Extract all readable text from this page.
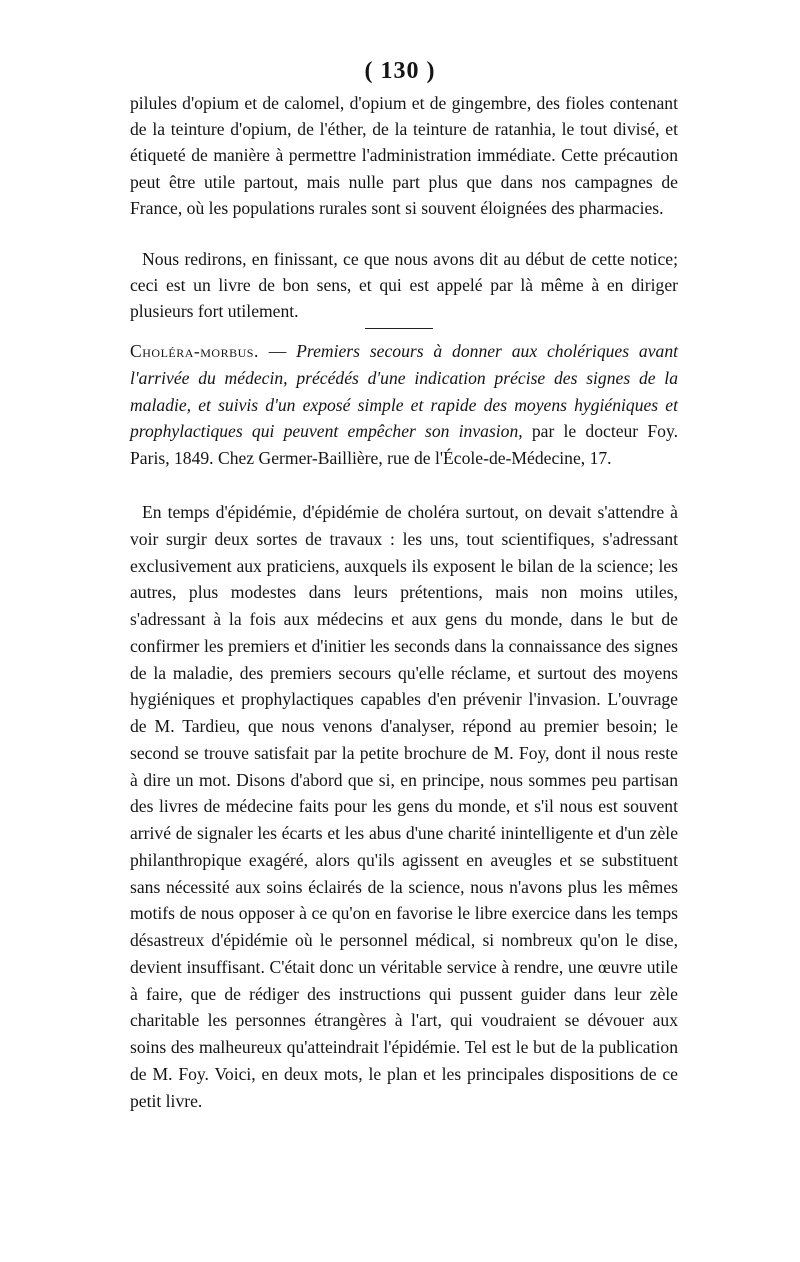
( 130 )

pilules d'opium et de calomel, d'opium et de gingembre, des fioles contenant de la teinture d'opium, de l'éther, de la teinture de ratanhia, le tout divisé, et étiqueté de manière à permettre l'administration immédiate. Cette précaution peut être utile partout, mais nulle part plus que dans nos campagnes de France, où les populations rurales sont si souvent éloignées des pharmacies.

Nous redirons, en finissant, ce que nous avons dit au début de cette notice; ceci est un livre de bon sens, et qui est appelé par là même à en diriger plusieurs fort utilement.

Choléra-morbus. — Premiers secours à donner aux cholériques avant l'arrivée du médecin, précédés d'une indication précise des signes de la maladie, et suivis d'un exposé simple et rapide des moyens hygiéniques et prophylactiques qui peuvent empêcher son invasion, par le docteur Foy. Paris, 1849. Chez Germer-Baillière, rue de l'École-de-Médecine, 17.

En temps d'épidémie, d'épidémie de choléra surtout, on devait s'attendre à voir surgir deux sortes de travaux : les uns, tout scientifiques, s'adressant exclusivement aux praticiens, auxquels ils exposent le bilan de la science; les autres, plus modestes dans leurs prétentions, mais non moins utiles, s'adressant à la fois aux médecins et aux gens du monde, dans le but de confirmer les premiers et d'initier les seconds dans la connaissance des signes de la maladie, des premiers secours qu'elle réclame, et surtout des moyens hygiéniques et prophylactiques capables d'en prévenir l'invasion. L'ouvrage de M. Tardieu, que nous venons d'analyser, répond au premier besoin; le second se trouve satisfait par la petite brochure de M. Foy, dont il nous reste à dire un mot. Disons d'abord que si, en principe, nous sommes peu partisan des livres de médecine faits pour les gens du monde, et s'il nous est souvent arrivé de signaler les écarts et les abus d'une charité inintelligente et d'un zèle philanthropique exagéré, alors qu'ils agissent en aveugles et se substituent sans nécessité aux soins éclairés de la science, nous n'avons plus les mêmes motifs de nous opposer à ce qu'on en favorise le libre exercice dans les temps désastreux d'épidémie où le personnel médical, si nombreux qu'on le dise, devient insuffisant. C'était donc un véritable service à rendre, une œuvre utile à faire, que de rédiger des instructions qui pussent guider dans leur zèle charitable les personnes étrangères à l'art, qui voudraient se dévouer aux soins des malheureux qu'atteindrait l'épidémie. Tel est le but de la publication de M. Foy. Voici, en deux mots, le plan et les principales dispositions de ce petit livre.
